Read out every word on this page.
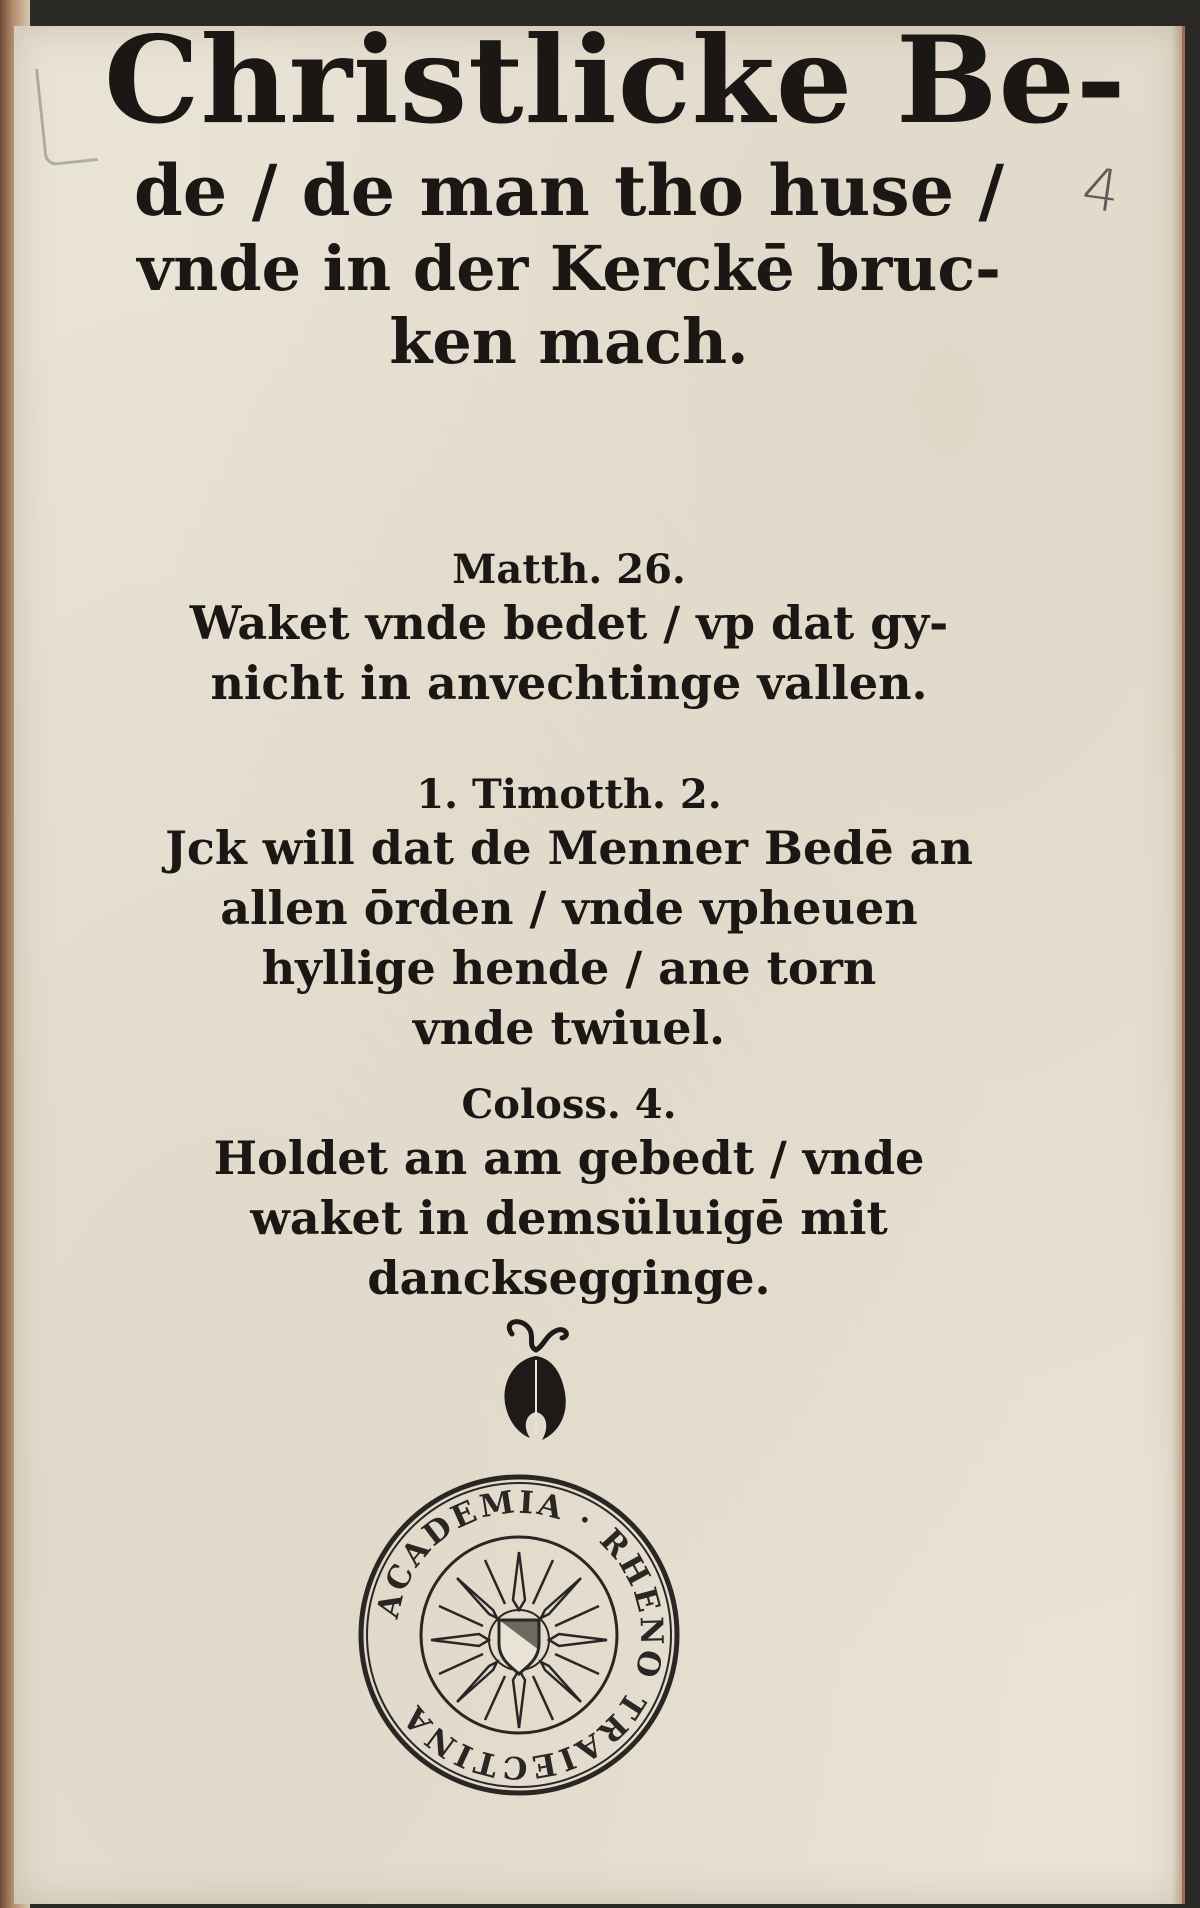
4
Christlicke Be-
de / de man tho huse /
vnde in der Kerckē bruc-
ken mach.
Matth. 26.
Waket vnde bedet / vp dat gy-
nicht in anvechtinge vallen.
1. Timotth. 2.
Jck will dat de Menner Bedē an
allen ōrden / vnde vpheuen
hyllige hende / ane torn
vnde twiuel.
Coloss. 4.
Holdet an am gebedt / vnde
waket in demsüluigē mit
dancksegginge.
ACADEMIA · RHENO TRAIECTINA
